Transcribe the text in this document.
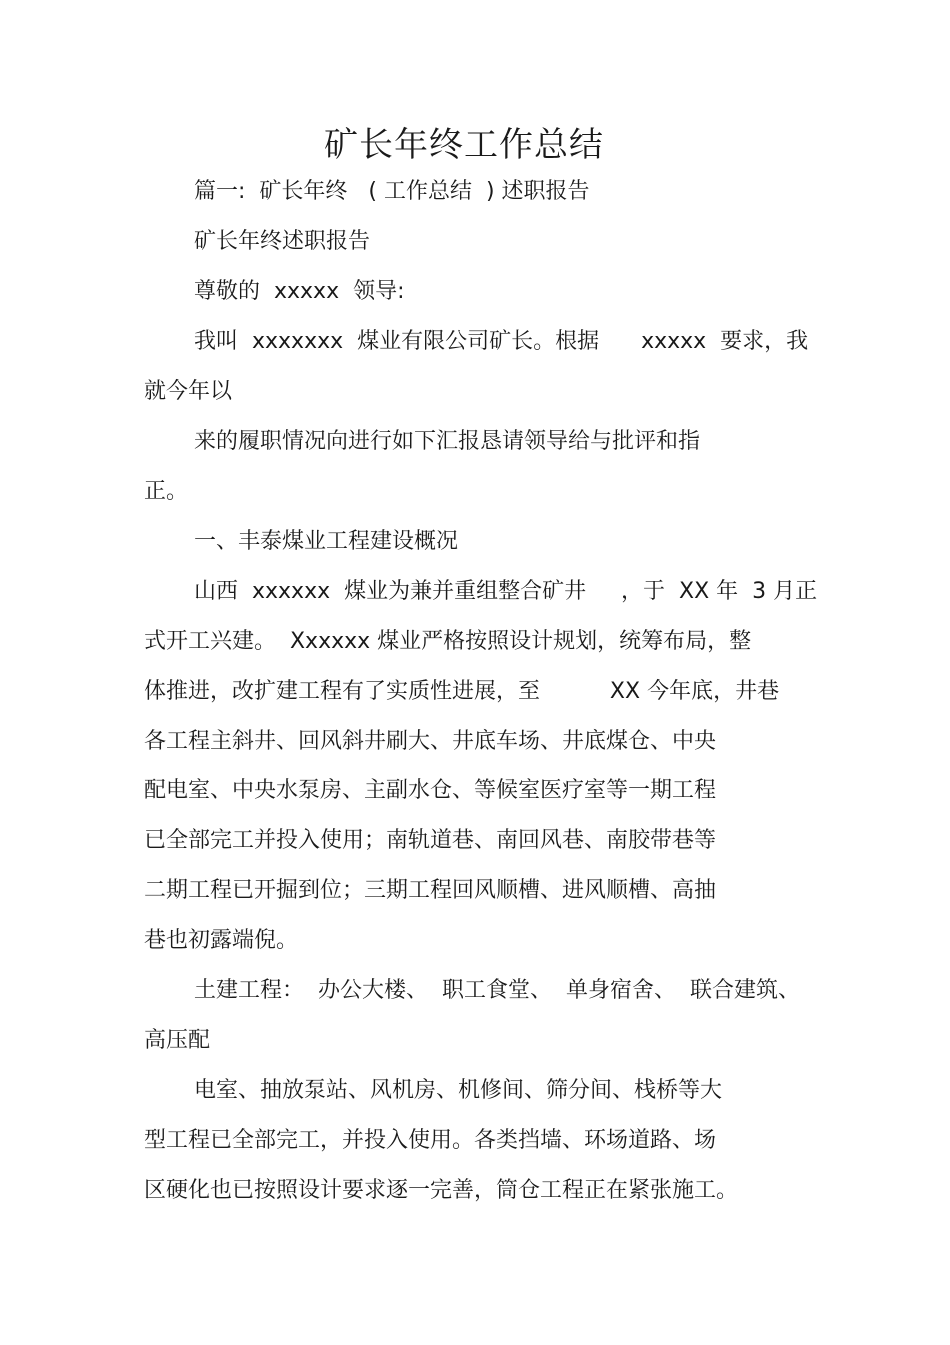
矿长年终工作总结
篇一:  矿长年终   ( 工作总结  ) 述职报告
矿长年终述职报告
尊敬的  xxxxx  领导:
我叫  xxxxxxx  煤业有限公司矿长。根据      xxxxx  要求，我
就今年以
来的履职情况向进行如下汇报恳请领导给与批评和指
正。
一、丰泰煤业工程建设概况
山西  xxxxxx  煤业为兼并重组整合矿井     ，于  XX 年  3 月正
式开工兴建。  Xxxxxx 煤业严格按照设计规划，统筹布局，整
体推进，改扩建工程有了实质性进展，至          XX 今年底，井巷
各工程主斜井、回风斜井刷大、井底车场、井底煤仓、中央
配电室、中央水泵房、主副水仓、等候室医疗室等一期工程
已全部完工并投入使用；南轨道巷、南回风巷、南胶带巷等
二期工程已开掘到位；三期工程回风顺槽、进风顺槽、高抽
巷也初露端倪。
土建工程：  办公大楼、  职工食堂、  单身宿舍、  联合建筑、
高压配
电室、抽放泵站、风机房、机修间、筛分间、栈桥等大
型工程已全部完工，并投入使用。各类挡墙、环场道路、场
区硬化也已按照设计要求逐一完善，筒仓工程正在紧张施工。
